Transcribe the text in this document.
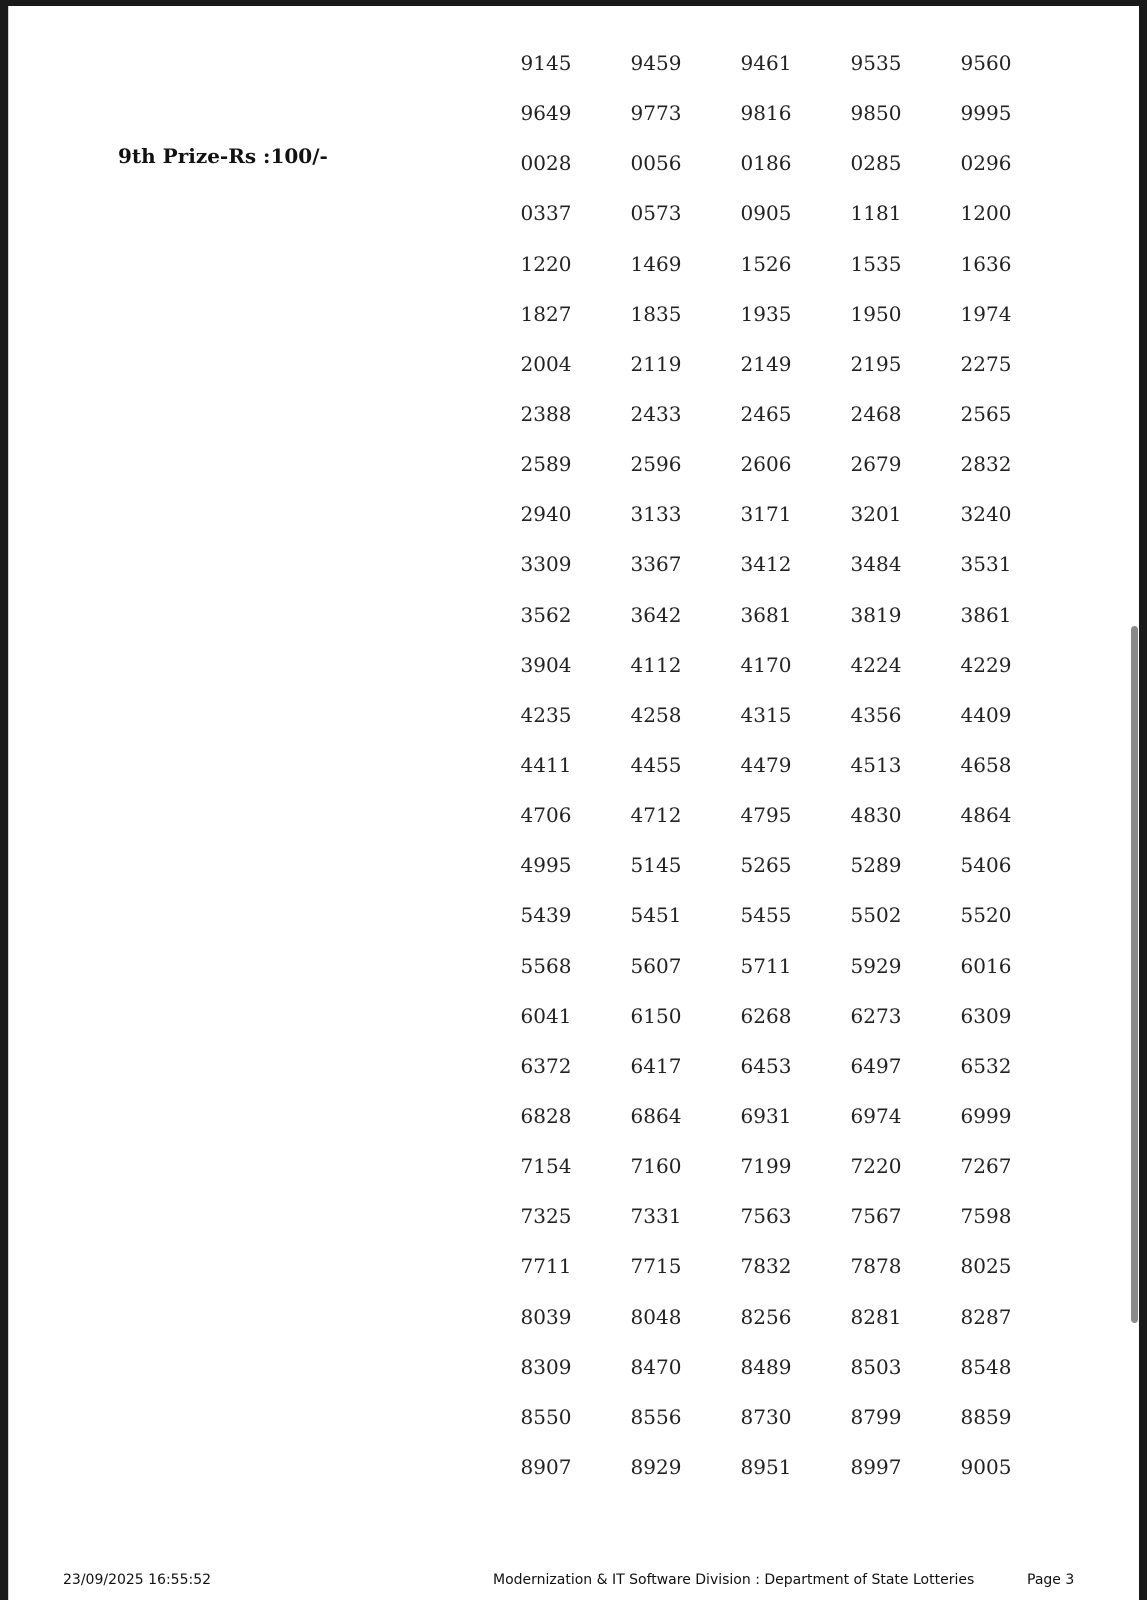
9th Prize-Rs :100/-
9145	9459	9461	9535	9560
9649	9773	9816	9850	9995
0028	0056	0186	0285	0296
0337	0573	0905	1181	1200
1220	1469	1526	1535	1636
1827	1835	1935	1950	1974
2004	2119	2149	2195	2275
2388	2433	2465	2468	2565
2589	2596	2606	2679	2832
2940	3133	3171	3201	3240
3309	3367	3412	3484	3531
3562	3642	3681	3819	3861
3904	4112	4170	4224	4229
4235	4258	4315	4356	4409
4411	4455	4479	4513	4658
4706	4712	4795	4830	4864
4995	5145	5265	5289	5406
5439	5451	5455	5502	5520
5568	5607	5711	5929	6016
6041	6150	6268	6273	6309
6372	6417	6453	6497	6532
6828	6864	6931	6974	6999
7154	7160	7199	7220	7267
7325	7331	7563	7567	7598
7711	7715	7832	7878	8025
8039	8048	8256	8281	8287
8309	8470	8489	8503	8548
8550	8556	8730	8799	8859
8907	8929	8951	8997	9005
23/09/2025 16:55:52	Modernization & IT Software Division : Department of State Lotteries	Page 3
